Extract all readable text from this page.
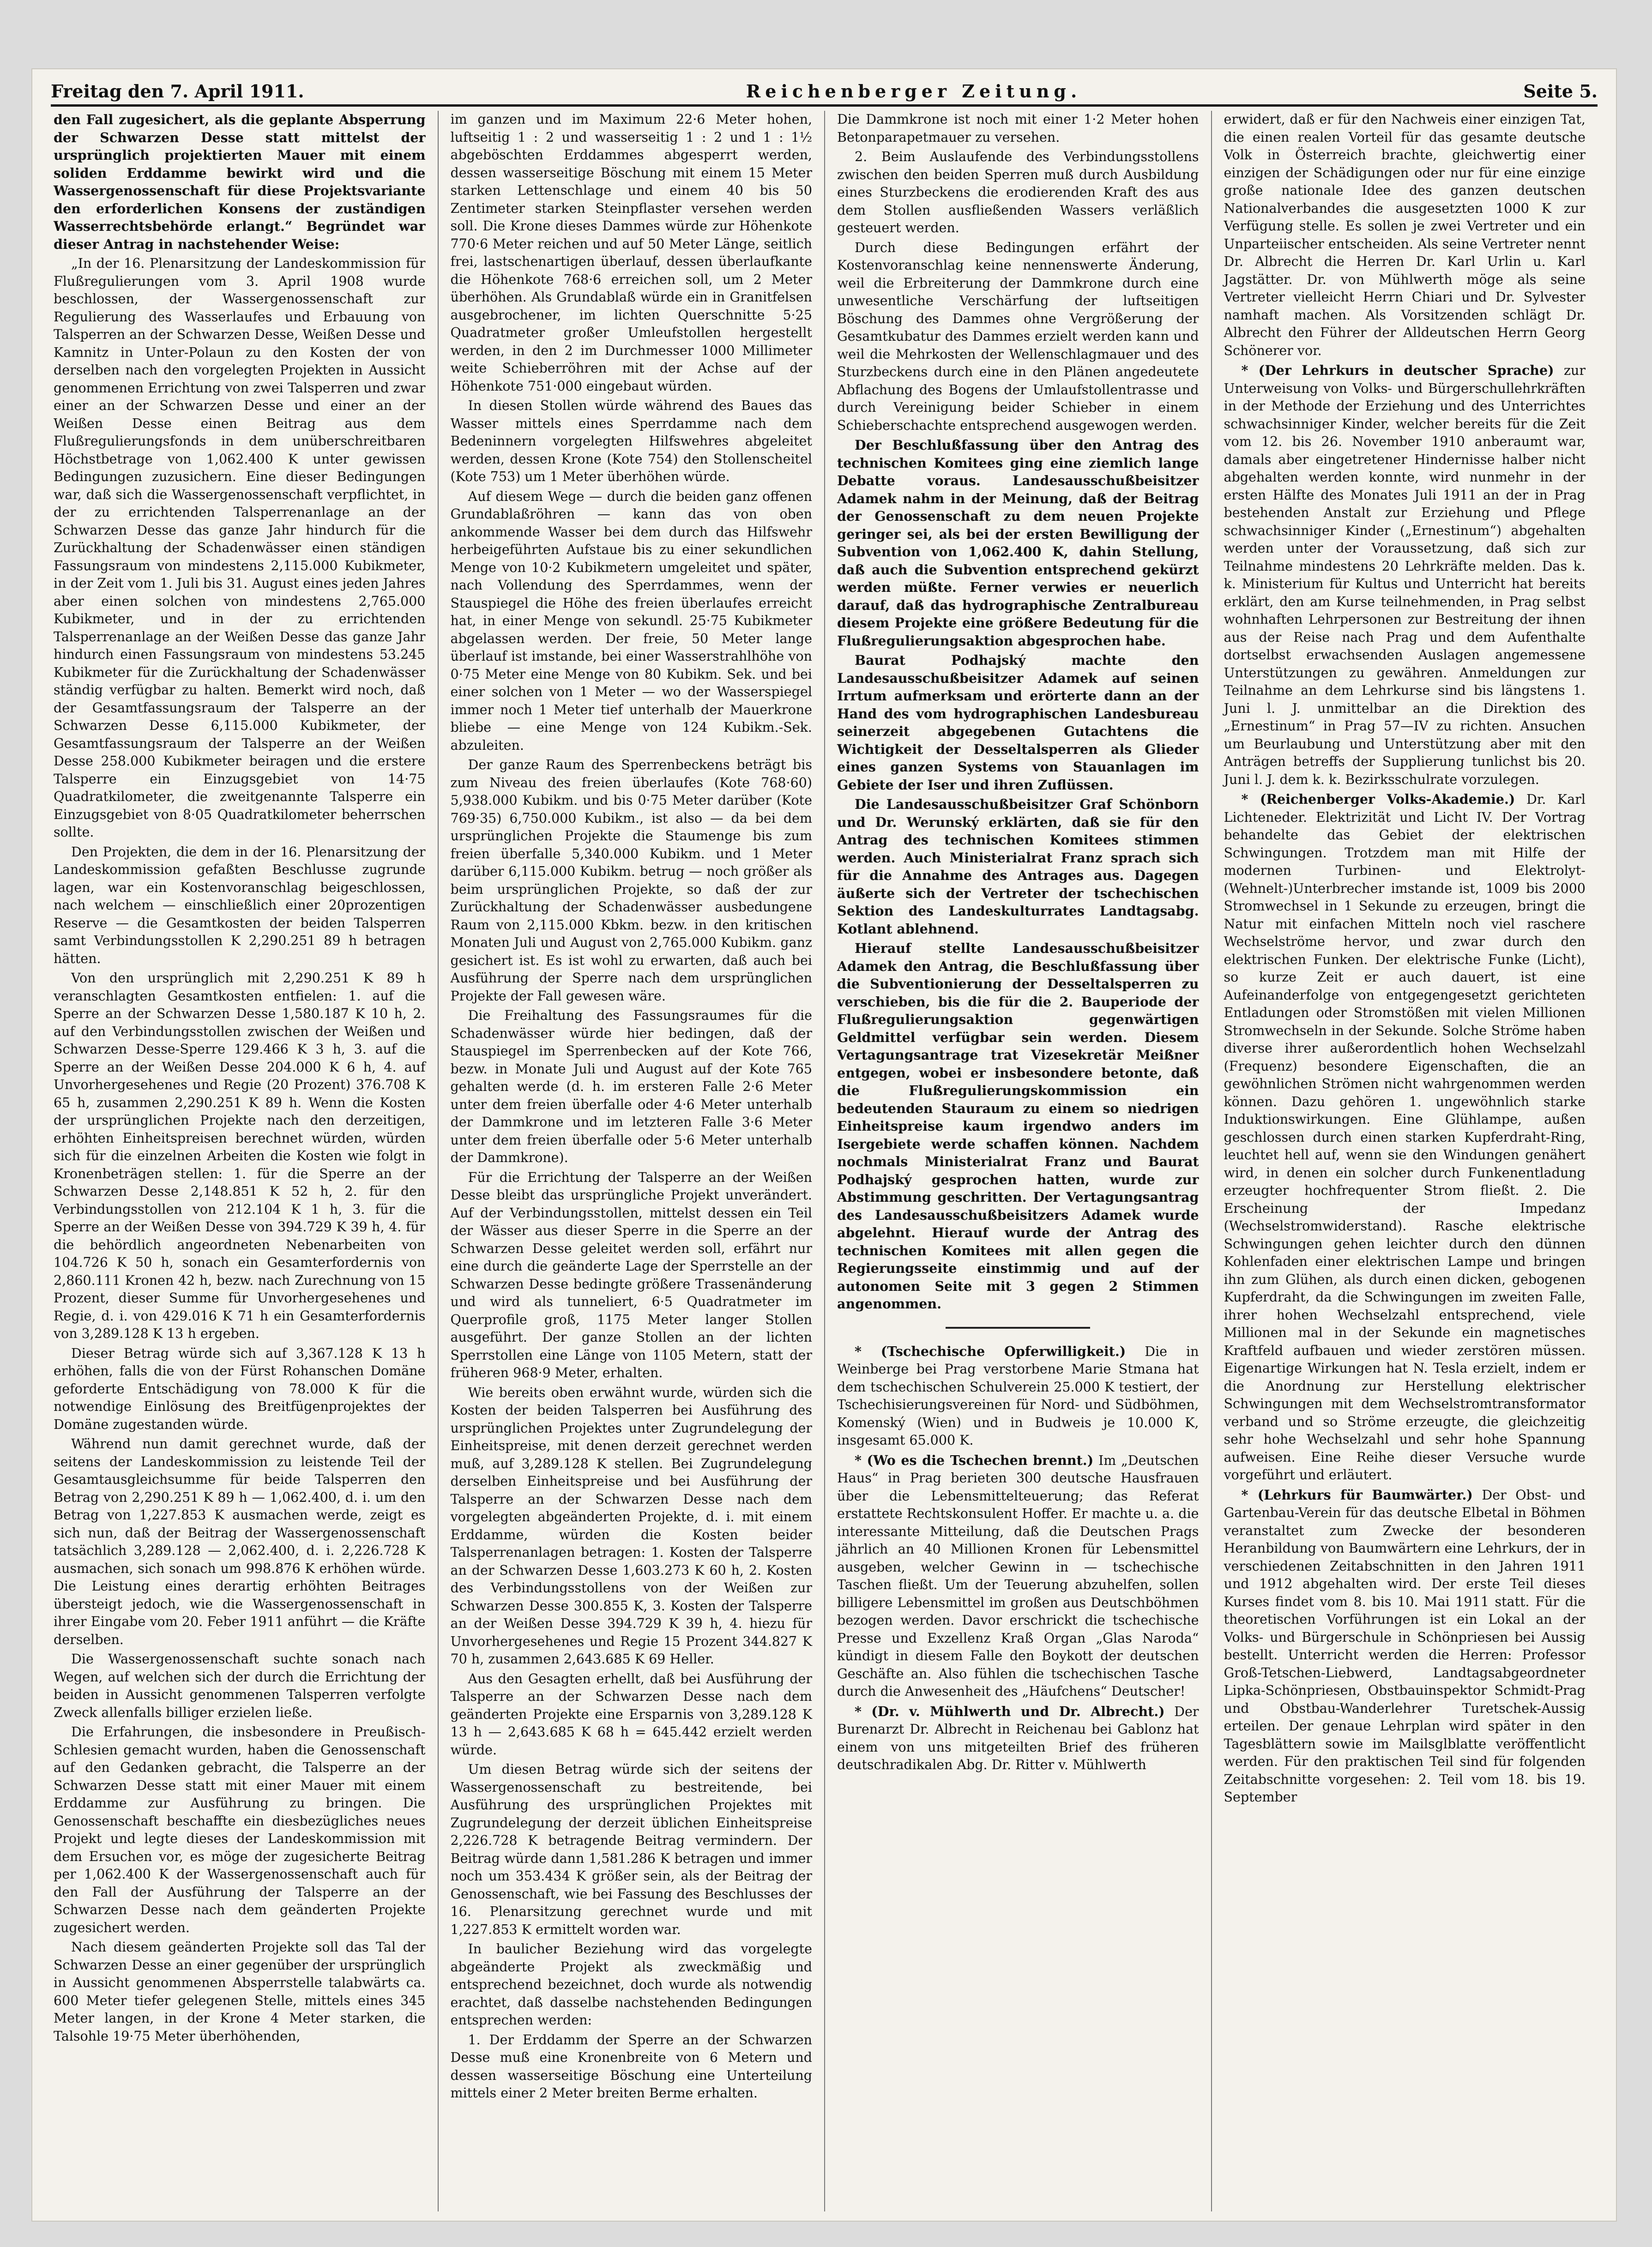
Freitag den 7. April 1911.	Reichenberger Zeitung.	Seite 5.

den Fall zugesichert, als die geplante Absperrung der Schwarzen Desse statt mittelst der ursprünglich projektierten Mauer mit einem soliden Erddamme bewirkt wird und die Wassergenossenschaft für diese Projektsvariante den erforderlichen Konsens der zuständigen Wasserrechtsbehörde erlangt.“ Begründet war dieser Antrag in nachstehender Weise:

„In der 16. Plenarsitzung der Landeskommission für Flußregulierungen vom 3. April 1908 wurde beschlossen, der Wassergenossenschaft zur Regulierung des Wasserlaufes und Erbauung von Talsperren an der Schwarzen Desse, Weißen Desse und Kamnitz in Unter-Polaun zu den Kosten der von derselben nach den vorgelegten Projekten in Aussicht genommenen Errichtung von zwei Talsperren und zwar einer an der Schwarzen Desse und einer an der Weißen Desse einen Beitrag aus dem Flußregulierungsfonds in dem unüberschreitbaren Höchstbetrage von 1,062.400 K unter gewissen Bedingungen zuzusichern. Eine dieser Bedingungen war, daß sich die Wassergenossenschaft verpflichtet, in der zu errichtenden Talsperrenanlage an der Schwarzen Desse das ganze Jahr hindurch für die Zurückhaltung der Schadenwässer einen ständigen Fassungsraum von mindestens 2,115.000 Kubikmeter, in der Zeit vom 1. Juli bis 31. August eines jeden Jahres aber einen solchen von mindestens 2,765.000 Kubikmeter, und in der zu errichtenden Talsperrenanlage an der Weißen Desse das ganze Jahr hindurch einen Fassungsraum von mindestens 53.245 Kubikmeter für die Zurückhaltung der Schadenwässer ständig verfügbar zu halten. Bemerkt wird noch, daß der Gesamtfassungsraum der Talsperre an der Schwarzen Desse 6,115.000 Kubikmeter, der Gesamtfassungsraum der Talsperre an der Weißen Desse 258.000 Kubikmeter beiragen und die erstere Talsperre ein Einzugsgebiet von 14·75 Quadratkilometer, die zweitgenannte Talsperre ein Einzugsgebiet von 8·05 Quadratkilometer beherrschen sollte.

Den Projekten, die dem in der 16. Plenarsitzung der Landeskommission gefaßten Beschlusse zugrunde lagen, war ein Kostenvoranschlag beigeschlossen, nach welchem — einschließlich einer 20prozentigen Reserve — die Gesamtkosten der beiden Talsperren samt Verbindungsstollen K 2,290.251 89 h betragen hätten.

Von den ursprünglich mit 2,290.251 K 89 h veranschlagten Gesamtkosten entfielen: 1. auf die Sperre an der Schwarzen Desse 1,580.187 K 10 h, 2. auf den Verbindungsstollen zwischen der Weißen und Schwarzen Desse-Sperre 129.466 K 3 h, 3. auf die Sperre an der Weißen Desse 204.000 K 6 h, 4. auf Unvorhergesehenes und Regie (20 Prozent) 376.708 K 65 h, zusammen 2,290.251 K 89 h. Wenn die Kosten der ursprünglichen Projekte nach den derzeitigen, erhöhten Einheitspreisen berechnet würden, würden sich für die einzelnen Arbeiten die Kosten wie folgt in Kronenbeträgen stellen: 1. für die Sperre an der Schwarzen Desse 2,148.851 K 52 h, 2. für den Verbindungsstollen von 212.104 K 1 h, 3. für die Sperre an der Weißen Desse von 394.729 K 39 h, 4. für die behördlich angeordneten Nebenarbeiten von 104.726 K 50 h, sonach ein Gesamterfordernis von 2,860.111 Kronen 42 h, bezw. nach Zurechnung von 15 Prozent, dieser Summe für Unvorhergesehenes und Regie, d. i. von 429.016 K 71 h ein Gesamterfordernis von 3,289.128 K 13 h ergeben.

Dieser Betrag würde sich auf 3,367.128 K 13 h erhöhen, falls die von der Fürst Rohanschen Domäne geforderte Entschädigung von 78.000 K für die notwendige Einlösung des Breitfügenprojektes der Domäne zugestanden würde.

Während nun damit gerechnet wurde, daß der seitens der Landeskommission zu leistende Teil der Gesamtausgleichsumme für beide Talsperren den Betrag von 2,290.251 K 89 h — 1,062.400, d. i. um den Betrag von 1,227.853 K ausmachen werde, zeigt es sich nun, daß der Beitrag der Wassergenossenschaft tatsächlich 3,289.128 — 2,062.400, d. i. 2,226.728 K ausmachen, sich sonach um 998.876 K erhöhen würde. Die Leistung eines derartig erhöhten Beitrages übersteigt jedoch, wie die Wassergenossenschaft in ihrer Eingabe vom 20. Feber 1911 anführt — die Kräfte derselben.

Die Wassergenossenschaft suchte sonach nach Wegen, auf welchen sich der durch die Errichtung der beiden in Aussicht genommenen Talsperren verfolgte Zweck allenfalls billiger erzielen ließe.

Die Erfahrungen, die insbesondere in Preußisch-Schlesien gemacht wurden, haben die Genossenschaft auf den Gedanken gebracht, die Talsperre an der Schwarzen Desse statt mit einer Mauer mit einem Erddamme zur Ausführung zu bringen. Die Genossenschaft beschaffte ein diesbezügliches neues Projekt und legte dieses der Landeskommission mit dem Ersuchen vor, es möge der zugesicherte Beitrag per 1,062.400 K der Wassergenossenschaft auch für den Fall der Ausführung der Talsperre an der Schwarzen Desse nach dem geänderten Projekte zugesichert werden.

Nach diesem geänderten Projekte soll das Tal der Schwarzen Desse an einer gegenüber der ursprünglich in Aussicht genommenen Absperrstelle talabwärts ca. 600 Meter tiefer gelegenen Stelle, mittels eines 345 Meter langen, in der Krone 4 Meter starken, die Talsohle 19·75 Meter überhöhenden,

im ganzen und im Maximum 22·6 Meter hohen, luftseitig 1 : 2 und wasserseitig 1 : 2 und 1 : 1½ abgeböschten Erddammes abgesperrt werden, dessen wasserseitige Böschung mit einem 15 Meter starken Lettenschlage und einem 40 bis 50 Zentimeter starken Steinpflaster versehen werden soll. Die Krone dieses Dammes würde zur Höhenkote 770·6 Meter reichen und auf 50 Meter Länge, seitlich frei, lastschenartigen überlauf, dessen überlaufkante die Höhenkote 768·6 erreichen soll, um 2 Meter überhöhen. Als Grundablaß würde ein in Granitfelsen ausgebrochener, im lichten Querschnitte 5·25 Quadratmeter großer Umleufstollen hergestellt werden, in den 2 im Durchmesser 1000 Millimeter weite Schieberröhren mit der Achse auf der Höhenkote 751·000 eingebaut würden.

In diesen Stollen würde während des Baues das Wasser mittels eines Sperrdamme nach dem Bedeninnern vorgelegten Hilfswehres abgeleitet werden, dessen Krone (Kote 754) den Stollenscheitel (Kote 753) um 1 Meter überhöhen würde.

Auf diesem Wege — durch die beiden ganz offenen Grundablaßröhren — kann das von oben ankommende Wasser bei dem durch das Hilfswehr herbeigeführten Aufstaue bis zu einer sekundlichen Menge von 10·2 Kubikmetern umgeleitet und später, nach Vollendung des Sperrdammes, wenn der Stauspiegel die Höhe des freien überlaufes erreicht hat, in einer Menge von sekundl. 25·75 Kubikmeter abgelassen werden. Der freie, 50 Meter lange überlauf ist imstande, bei einer Wasserstrahlhöhe von 0·75 Meter eine Menge von 80 Kubikm. Sek. und bei einer solchen von 1 Meter — wo der Wasserspiegel immer noch 1 Meter tief unterhalb der Mauerkrone bliebe — eine Menge von 124 Kubikm.-Sek. abzuleiten.

Der ganze Raum des Sperrenbeckens beträgt bis zum Niveau des freien überlaufes (Kote 768·60) 5,938.000 Kubikm. und bis 0·75 Meter darüber (Kote 769·35) 6,750.000 Kubikm., ist also — da bei dem ursprünglichen Projekte die Staumenge bis zum freien überfalle 5,340.000 Kubikm. und 1 Meter darüber 6,115.000 Kubikm. betrug — noch größer als beim ursprünglichen Projekte, so daß der zur Zurückhaltung der Schadenwässer ausbedungene Raum von 2,115.000 Kbkm. bezw. in den kritischen Monaten Juli und August von 2,765.000 Kubikm. ganz gesichert ist. Es ist wohl zu erwarten, daß auch bei Ausführung der Sperre nach dem ursprünglichen Projekte der Fall gewesen wäre.

Die Freihaltung des Fassungsraumes für die Schadenwässer würde hier bedingen, daß der Stauspiegel im Sperrenbecken auf der Kote 766, bezw. in Monate Juli und August auf der Kote 765 gehalten werde (d. h. im ersteren Falle 2·6 Meter unter dem freien überfalle oder 4·6 Meter unterhalb der Dammkrone und im letzteren Falle 3·6 Meter unter dem freien überfalle oder 5·6 Meter unterhalb der Dammkrone).

Für die Errichtung der Talsperre an der Weißen Desse bleibt das ursprüngliche Projekt unverändert. Auf der Verbindungsstollen, mittelst dessen ein Teil der Wässer aus dieser Sperre in die Sperre an der Schwarzen Desse geleitet werden soll, erfährt nur eine durch die geänderte Lage der Sperrstelle an der Schwarzen Desse bedingte größere Trassenänderung und wird als tunneliert, 6·5 Quadratmeter im Querprofile groß, 1175 Meter langer Stollen ausgeführt. Der ganze Stollen an der lichten Sperrstollen eine Länge von 1105 Metern, statt der früheren 968·9 Meter, erhalten.

Wie bereits oben erwähnt wurde, würden sich die Kosten der beiden Talsperren bei Ausführung des ursprünglichen Projektes unter Zugrundelegung der Einheitspreise, mit denen derzeit gerechnet werden muß, auf 3,289.128 K stellen. Bei Zugrundelegung derselben Einheitspreise und bei Ausführung der Talsperre an der Schwarzen Desse nach dem vorgelegten abgeänderten Projekte, d. i. mit einem Erddamme, würden die Kosten beider Talsperrenanlagen betragen: 1. Kosten der Talsperre an der Schwarzen Desse 1,603.273 K 60 h, 2. Kosten des Verbindungsstollens von der Weißen zur Schwarzen Desse 300.855 K, 3. Kosten der Talsperre an der Weißen Desse 394.729 K 39 h, 4. hiezu für Unvorhergesehenes und Regie 15 Prozent 344.827 K 70 h, zusammen 2,643.685 K 69 Heller.

Aus den Gesagten erhellt, daß bei Ausführung der Talsperre an der Schwarzen Desse nach dem geänderten Projekte eine Ersparnis von 3,289.128 K 13 h — 2,643.685 K 68 h = 645.442 erzielt werden würde.

Um diesen Betrag würde sich der seitens der Wassergenossenschaft zu bestreitende, bei Ausführung des ursprünglichen Projektes mit Zugrundelegung der derzeit üblichen Einheitspreise 2,226.728 K betragende Beitrag vermindern. Der Beitrag würde dann 1,581.286 K betragen und immer noch um 353.434 K größer sein, als der Beitrag der Genossenschaft, wie bei Fassung des Beschlusses der 16. Plenarsitzung gerechnet wurde und mit 1,227.853 K ermittelt worden war.

In baulicher Beziehung wird das vorgelegte abgeänderte Projekt als zweckmäßig und entsprechend bezeichnet, doch wurde als notwendig erachtet, daß dasselbe nachstehenden Bedingungen entsprechen werden:

1. Der Erddamm der Sperre an der Schwarzen Desse muß eine Kronenbreite von 6 Metern und dessen wasserseitige Böschung eine Unterteilung mittels einer 2 Meter breiten Berme erhalten.

Die Dammkrone ist noch mit einer 1·2 Meter hohen Betonparapetmauer zu versehen.

2. Beim Auslaufende des Verbindungsstollens zwischen den beiden Sperren muß durch Ausbildung eines Sturzbeckens die erodierenden Kraft des aus dem Stollen ausfließenden Wassers verläßlich gesteuert werden.

Durch diese Bedingungen erfährt der Kostenvoranschlag keine nennenswerte Änderung, weil die Erbreiterung der Dammkrone durch eine unwesentliche Verschärfung der luftseitigen Böschung des Dammes ohne Vergrößerung der Gesamtkubatur des Dammes erzielt werden kann und weil die Mehrkosten der Wellenschlagmauer und des Sturzbeckens durch eine in den Plänen angedeutete Abflachung des Bogens der Umlaufstollentrasse und durch Vereinigung beider Schieber in einem Schieberschachte entsprechend ausgewogen werden.

Der Beschlußfassung über den Antrag des technischen Komitees ging eine ziemlich lange Debatte voraus. Landesausschußbeisitzer Adamek nahm in der Meinung, daß der Beitrag der Genossenschaft zu dem neuen Projekte geringer sei, als bei der ersten Bewilligung der Subvention von 1,062.400 K, dahin Stellung, daß auch die Subvention entsprechend gekürzt werden müßte. Ferner verwies er neuerlich darauf, daß das hydrographische Zentralbureau diesem Projekte eine größere Bedeutung für die Flußregulierungsaktion abgesprochen habe.

Baurat Podhajský machte den Landesausschußbeisitzer Adamek auf seinen Irrtum aufmerksam und erörterte dann an der Hand des vom hydrographischen Landesbureau seinerzeit abgegebenen Gutachtens die Wichtigkeit der Desseltalsperren als Glieder eines ganzen Systems von Stauanlagen im Gebiete der Iser und ihren Zuflüssen.

Die Landesausschußbeisitzer Graf Schönborn und Dr. Werunský erklärten, daß sie für den Antrag des technischen Komitees stimmen werden. Auch Ministerialrat Franz sprach sich für die Annahme des Antrages aus. Dagegen äußerte sich der Vertreter der tschechischen Sektion des Landeskulturrates Landtagsabg. Kotlant ablehnend.

Hierauf stellte Landesausschußbeisitzer Adamek den Antrag, die Beschlußfassung über die Subventionierung der Desseltalsperren zu verschieben, bis die für die 2. Bauperiode der Flußregulierungsaktion gegenwärtigen Geldmittel verfügbar sein werden. Diesem Vertagungsantrage trat Vizesekretär Meißner entgegen, wobei er insbesondere betonte, daß die Flußregulierungskommission ein bedeutenden Stauraum zu einem so niedrigen Einheitspreise kaum irgendwo anders im Isergebiete werde schaffen können. Nachdem nochmals Ministerialrat Franz und Baurat Podhajský gesprochen hatten, wurde zur Abstimmung geschritten. Der Vertagungsantrag des Landesausschußbeisitzers Adamek wurde abgelehnt. Hierauf wurde der Antrag des technischen Komitees mit allen gegen die Regierungsseite einstimmig und auf der autonomen Seite mit 3 gegen 2 Stimmen angenommen.

* (Tschechische Opferwilligkeit.) Die in Weinberge bei Prag verstorbene Marie Stmana hat dem tschechischen Schulverein 25.000 K testiert, der Tschechisierungsvereinen für Nord- und Südböhmen, Komenský (Wien) und in Budweis je 10.000 K, insgesamt 65.000 K.

* (Wo es die Tschechen brennt.) Im „Deutschen Haus“ in Prag berieten 300 deutsche Hausfrauen über die Lebensmittelteuerung; das Referat erstattete Rechtskonsulent Hoffer. Er machte u. a. die interessante Mitteilung, daß die Deutschen Prags jährlich an 40 Millionen Kronen für Lebensmittel ausgeben, welcher Gewinn in — tschechische Taschen fließt. Um der Teuerung abzuhelfen, sollen billigere Lebensmittel im großen aus Deutschböhmen bezogen werden. Davor erschrickt die tschechische Presse und Exzellenz Kraß Organ „Glas Naroda“ kündigt in diesem Falle den Boykott der deutschen Geschäfte an. Also fühlen die tschechischen Tasche durch die Anwesenheit des „Häufchens“ Deutscher!

* (Dr. v. Mühlwerth und Dr. Albrecht.) Der Burenarzt Dr. Albrecht in Reichenau bei Gablonz hat einem von uns mitgeteilten Brief des früheren deutschradikalen Abg. Dr. Ritter v. Mühlwerth

erwidert, daß er für den Nachweis einer einzigen Tat, die einen realen Vorteil für das gesamte deutsche Volk in Österreich brachte, gleichwertig einer einzigen der Schädigungen oder nur für eine einzige große nationale Idee des ganzen deutschen Nationalverbandes die ausgesetzten 1000 K zur Verfügung stelle. Es sollen je zwei Vertreter und ein Unparteiischer entscheiden. Als seine Vertreter nennt Dr. Albrecht die Herren Dr. Karl Urlin u. Karl Jagstätter. Dr. von Mühlwerth möge als seine Vertreter vielleicht Herrn Chiari und Dr. Sylvester namhaft machen. Als Vorsitzenden schlägt Dr. Albrecht den Führer der Alldeutschen Herrn Georg Schönerer vor.

* (Der Lehrkurs in deutscher Sprache) zur Unterweisung von Volks- und Bürgerschullehrkräften in der Methode der Erziehung und des Unterrichtes schwachsinniger Kinder, welcher bereits für die Zeit vom 12. bis 26. November 1910 anberaumt war, damals aber eingetretener Hindernisse halber nicht abgehalten werden konnte, wird nunmehr in der ersten Hälfte des Monates Juli 1911 an der in Prag bestehenden Anstalt zur Erziehung und Pflege schwachsinniger Kinder („Ernestinum“) abgehalten werden unter der Voraussetzung, daß sich zur Teilnahme mindestens 20 Lehrkräfte melden. Das k. k. Ministerium für Kultus und Unterricht hat bereits erklärt, den am Kurse teilnehmenden, in Prag selbst wohnhaften Lehrpersonen zur Bestreitung der ihnen aus der Reise nach Prag und dem Aufenthalte dortselbst erwachsenden Auslagen angemessene Unterstützungen zu gewähren. Anmeldungen zur Teilnahme an dem Lehrkurse sind bis längstens 1. Juni l. J. unmittelbar an die Direktion des „Ernestinum“ in Prag 57—IV zu richten. Ansuchen um Beurlaubung und Unterstützung aber mit den Anträgen betreffs der Supplierung tunlichst bis 20. Juni l. J. dem k. k. Bezirksschulrate vorzulegen.

* (Reichenberger Volks-Akademie.) Dr. Karl Lichteneder. Elektrizität und Licht IV. Der Vortrag behandelte das Gebiet der elektrischen Schwingungen. Trotzdem man mit Hilfe der modernen Turbinen- und Elektrolyt-(Wehnelt-)Unterbrecher imstande ist, 1009 bis 2000 Stromwechsel in 1 Sekunde zu erzeugen, bringt die Natur mit einfachen Mitteln noch viel raschere Wechselströme hervor, und zwar durch den elektrischen Funken. Der elektrische Funke (Licht), so kurze Zeit er auch dauert, ist eine Aufeinanderfolge von entgegengesetzt gerichteten Entladungen oder Stromstößen mit vielen Millionen Stromwechseln in der Sekunde. Solche Ströme haben diverse ihrer außerordentlich hohen Wechselzahl (Frequenz) besondere Eigenschaften, die an gewöhnlichen Strömen nicht wahrgenommen werden können. Dazu gehören 1. ungewöhnlich starke Induktionswirkungen. Eine Glühlampe, außen geschlossen durch einen starken Kupferdraht-Ring, leuchtet hell auf, wenn sie den Windungen genähert wird, in denen ein solcher durch Funkenentladung erzeugter hochfrequenter Strom fließt. 2. Die Erscheinung der Impedanz (Wechselstromwiderstand). Rasche elektrische Schwingungen gehen leichter durch den dünnen Kohlenfaden einer elektrischen Lampe und bringen ihn zum Glühen, als durch einen dicken, gebogenen Kupferdraht, da die Schwingungen im zweiten Falle, ihrer hohen Wechselzahl entsprechend, viele Millionen mal in der Sekunde ein magnetisches Kraftfeld aufbauen und wieder zerstören müssen. Eigenartige Wirkungen hat N. Tesla erzielt, indem er die Anordnung zur Herstellung elektrischer Schwingungen mit dem Wechselstromtransformator verband und so Ströme erzeugte, die gleichzeitig sehr hohe Wechselzahl und sehr hohe Spannung aufweisen. Eine Reihe dieser Versuche wurde vorgeführt und erläutert.

* (Lehrkurs für Baumwärter.) Der Obst- und Gartenbau-Verein für das deutsche Elbetal in Böhmen veranstaltet zum Zwecke der besonderen Heranbildung von Baumwärtern eine Lehrkurs, der in verschiedenen Zeitabschnitten in den Jahren 1911 und 1912 abgehalten wird. Der erste Teil dieses Kurses findet vom 8. bis 10. Mai 1911 statt. Für die theoretischen Vorführungen ist ein Lokal an der Volks- und Bürgerschule in Schönpriesen bei Aussig bestellt. Unterricht werden die Herren: Professor Groß-Tetschen-Liebwerd, Landtagsabgeordneter Lipka-Schönpriesen, Obstbauinspektor Schmidt-Prag und Obstbau-Wanderlehrer Turetschek-Aussig erteilen. Der genaue Lehrplan wird später in den Tagesblättern sowie im Mailsglblatte veröffentlicht werden. Für den praktischen Teil sind für folgenden Zeitabschnitte vorgesehen: 2. Teil vom 18. bis 19. September
